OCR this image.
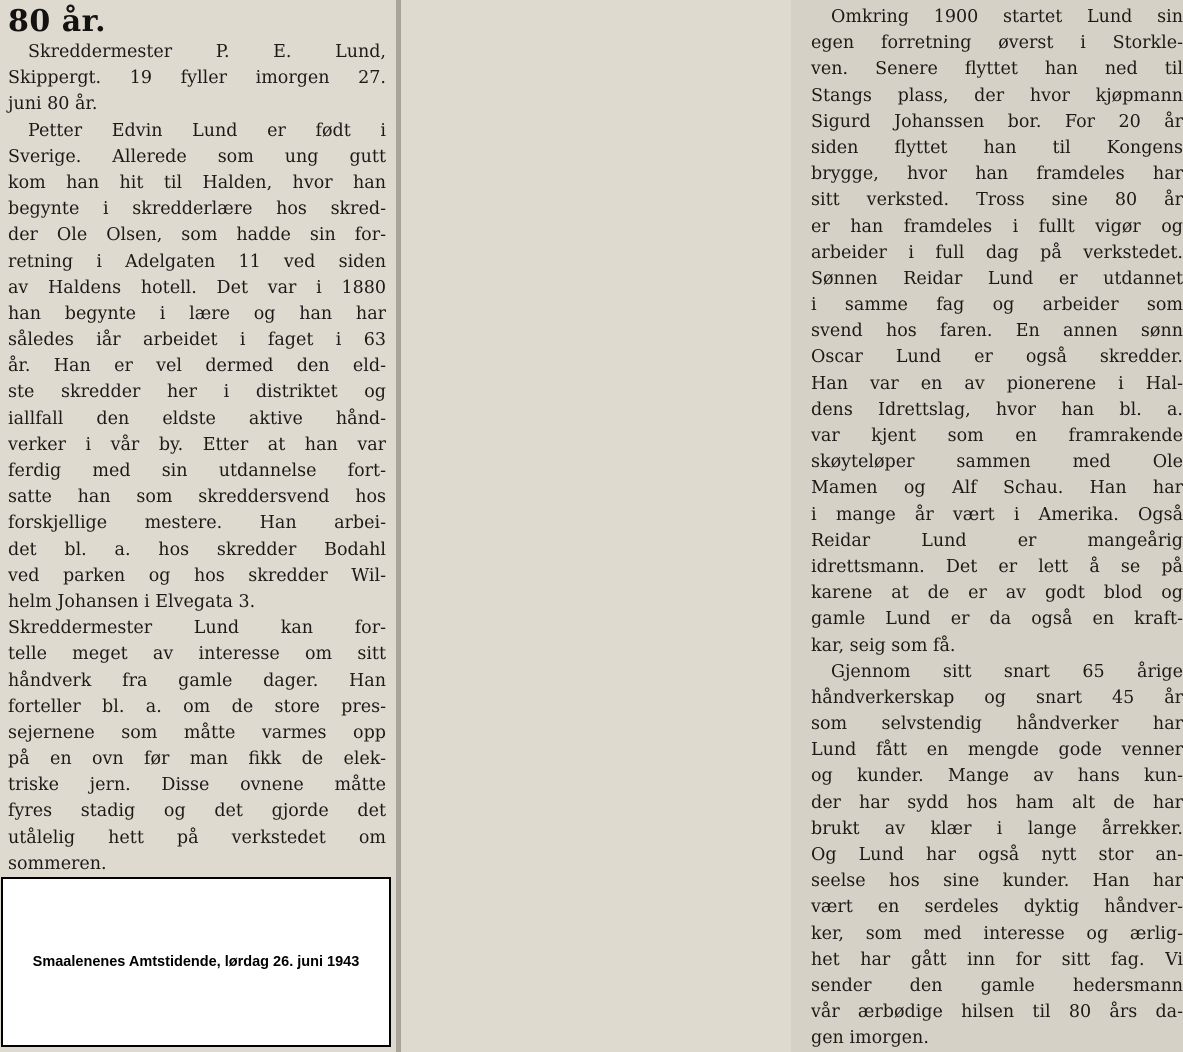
80 år.
Skreddermester P. E. Lund,
Skippergt. 19 fyller imorgen 27.
juni 80 år.
Petter Edvin Lund er født i
Sverige. Allerede som ung gutt
kom han hit til Halden, hvor han
begynte i skredderlære hos skred-
der Ole Olsen, som hadde sin for-
retning i Adelgaten 11 ved siden
av Haldens hotell. Det var i 1880
han begynte i lære og han har
således iår arbeidet i faget i 63
år. Han er vel dermed den eld-
ste skredder her i distriktet og
iallfall den eldste aktive hånd-
verker i vår by. Etter at han var
ferdig med sin utdannelse fort-
satte han som skreddersvend hos
forskjellige mestere. Han arbei-
det bl. a. hos skredder Bodahl
ved parken og hos skredder Wil-
helm Johansen i Elvegata 3.
Skreddermester Lund kan for-
telle meget av interesse om sitt
håndverk fra gamle dager. Han
forteller bl. a. om de store pres-
sejernene som måtte varmes opp
på en ovn før man fikk de elek-
triske jern. Disse ovnene måtte
fyres stadig og det gjorde det
utålelig hett på verkstedet om
sommeren.
Omkring 1900 startet Lund sin
egen forretning øverst i Storkle-
ven. Senere flyttet han ned til
Stangs plass, der hvor kjøpmann
Sigurd Johanssen bor. For 20 år
siden flyttet han til Kongens
brygge, hvor han framdeles har
sitt verksted. Tross sine 80 år
er han framdeles i fullt vigør og
arbeider i full dag på verkstedet.
Sønnen Reidar Lund er utdannet
i samme fag og arbeider som
svend hos faren. En annen sønn
Oscar Lund er også skredder.
Han var en av pionerene i Hal-
dens Idrettslag, hvor han bl. a.
var kjent som en framrakende
skøyteløper sammen med Ole
Mamen og Alf Schau. Han har
i mange år vært i Amerika. Også
Reidar Lund er mangeårig
idrettsmann. Det er lett å se på
karene at de er av godt blod og
gamle Lund er da også en kraft-
kar, seig som få.
Gjennom sitt snart 65 årige
håndverkerskap og snart 45 år
som selvstendig håndverker har
Lund fått en mengde gode venner
og kunder. Mange av hans kun-
der har sydd hos ham alt de har
brukt av klær i lange årrekker.
Og Lund har også nytt stor an-
seelse hos sine kunder. Han har
vært en serdeles dyktig håndver-
ker, som med interesse og ærlig-
het har gått inn for sitt fag. Vi
sender den gamle hedersmann
vår ærbødige hilsen til 80 års da-
gen imorgen.
Smaalenenes Amtstidende, lørdag 26. juni 1943
